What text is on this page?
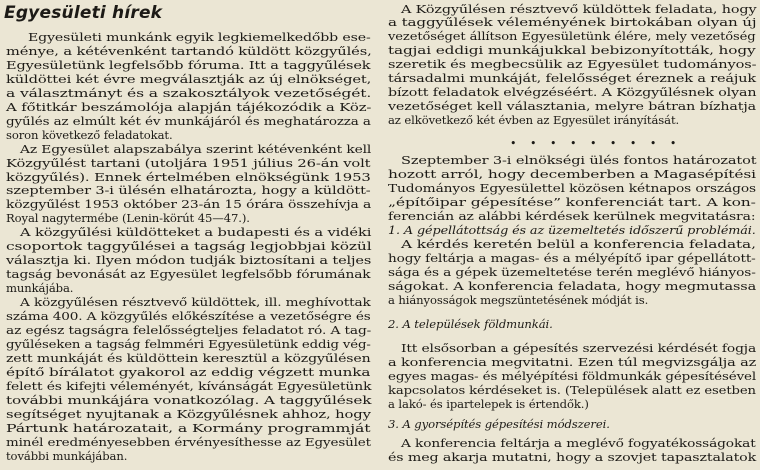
Egyesületi hírek
Egyesületi munkánk egyik legkiemelkedőbb ese-
ménye, a kétévenként tartandó küldött közgyűlés,
Egyesületünk legfelsőbb fóruma. Itt a taggyűlések
küldöttei két évre megválasztják az új elnökséget,
a választmányt és a szakosztályok vezetőségét.
A főtitkár beszámolója alapján tájékozódik a Köz-
gyűlés az elmúlt két év munkájáról és meghatározza a
soron következő feladatokat.
Az Egyesület alapszabálya szerint kétévenként kell
Közgyűlést tartani (utoljára 1951 július 26-án volt
közgyűlés). Ennek értelmében elnökségünk 1953
szeptember 3-i ülésén elhatározta, hogy a küldött-
közgyűlést 1953 október 23-án 15 órára összehívja a
Royal nagytermébe (Lenin-körút 45—47.).
A közgyűlési küldötteket a budapesti és a vidéki
csoportok taggyűlései a tagság legjobbjai közül
választja ki. Ilyen módon tudják biztosítani a teljes
tagság bevonását az Egyesület legfelsőbb fórumának
munkájába.
A közgyűlésen résztvevő küldöttek, ill. meghívottak
száma 400. A közgyűlés előkészítése a vezetőségre és
az egész tagságra felelősségteljes feladatot ró. A tag-
gyűléseken a tagság felmméri Egyesületünk eddig vég-
zett munkáját és küldöttein keresztül a közgyűlésen
építő bírálatot gyakorol az eddig végzett munka
felett és kifejti véleményét, kívánságát Egyesületünk
további munkájára vonatkozólag. A taggyűlések
segítséget nyujtanak a Közgyűlésnek ahhoz, hogy
Pártunk határozatait, a Kormány programmját
minél eredményesebben érvényesíthesse az Egyesület
további munkájában.
A Közgyűlésen résztvevő küldöttek feladata, hogy
a taggyűlések véleményének birtokában olyan új
vezetőséget állítson Egyesületünk élére, mely vezetőség
tagjai eddigi munkájukkal bebizonyították, hogy
szeretik és megbecsülik az Egyesület tudományos-
társadalmi munkáját, felelősséget éreznek a reájuk
bízott feladatok elvégzéséért. A Közgyűlésnek olyan
vezetőséget kell választania, melyre bátran bízhatja
az elkövetkező két évben az Egyesület irányítását.
Szeptember 3-i elnökségi ülés fontos határozatot
hozott arról, hogy decemberben a Magasépítési
Tudományos Egyesülettel közösen kétnapos országos
„építőipar gépesítése” konferenciát tart. A kon-
ferencián az alábbi kérdések kerülnek megvitatásra:
1. A gépellátottság és az üzemeltetés időszerű problémái.
A kérdés keretén belül a konferencia feladata,
hogy feltárja a magas- és a mélyépítő ipar gépellátott-
sága és a gépek üzemeltetése terén meglévő hiányos-
ságokat. A konferencia feladata, hogy megmutassa
a hiányosságok megszüntetésének módját is.
2. A települések földmunkái.
Itt elsősorban a gépesítés szervezési kérdését fogja
a konferencia megvitatni. Ezen túl megvizsgálja az
egyes magas- és mélyépítési földmunkák gépesítésével
kapcsolatos kérdéseket is. (Települések alatt ez esetben
a lakó- és ipartelepek is értendők.)
3. A gyorsépítés gépesítési módszerei.
A konferencia feltárja a meglévő fogyatékosságokat
és meg akarja mutatni, hogy a szovjet tapasztalatok
• • • • • • • • •
